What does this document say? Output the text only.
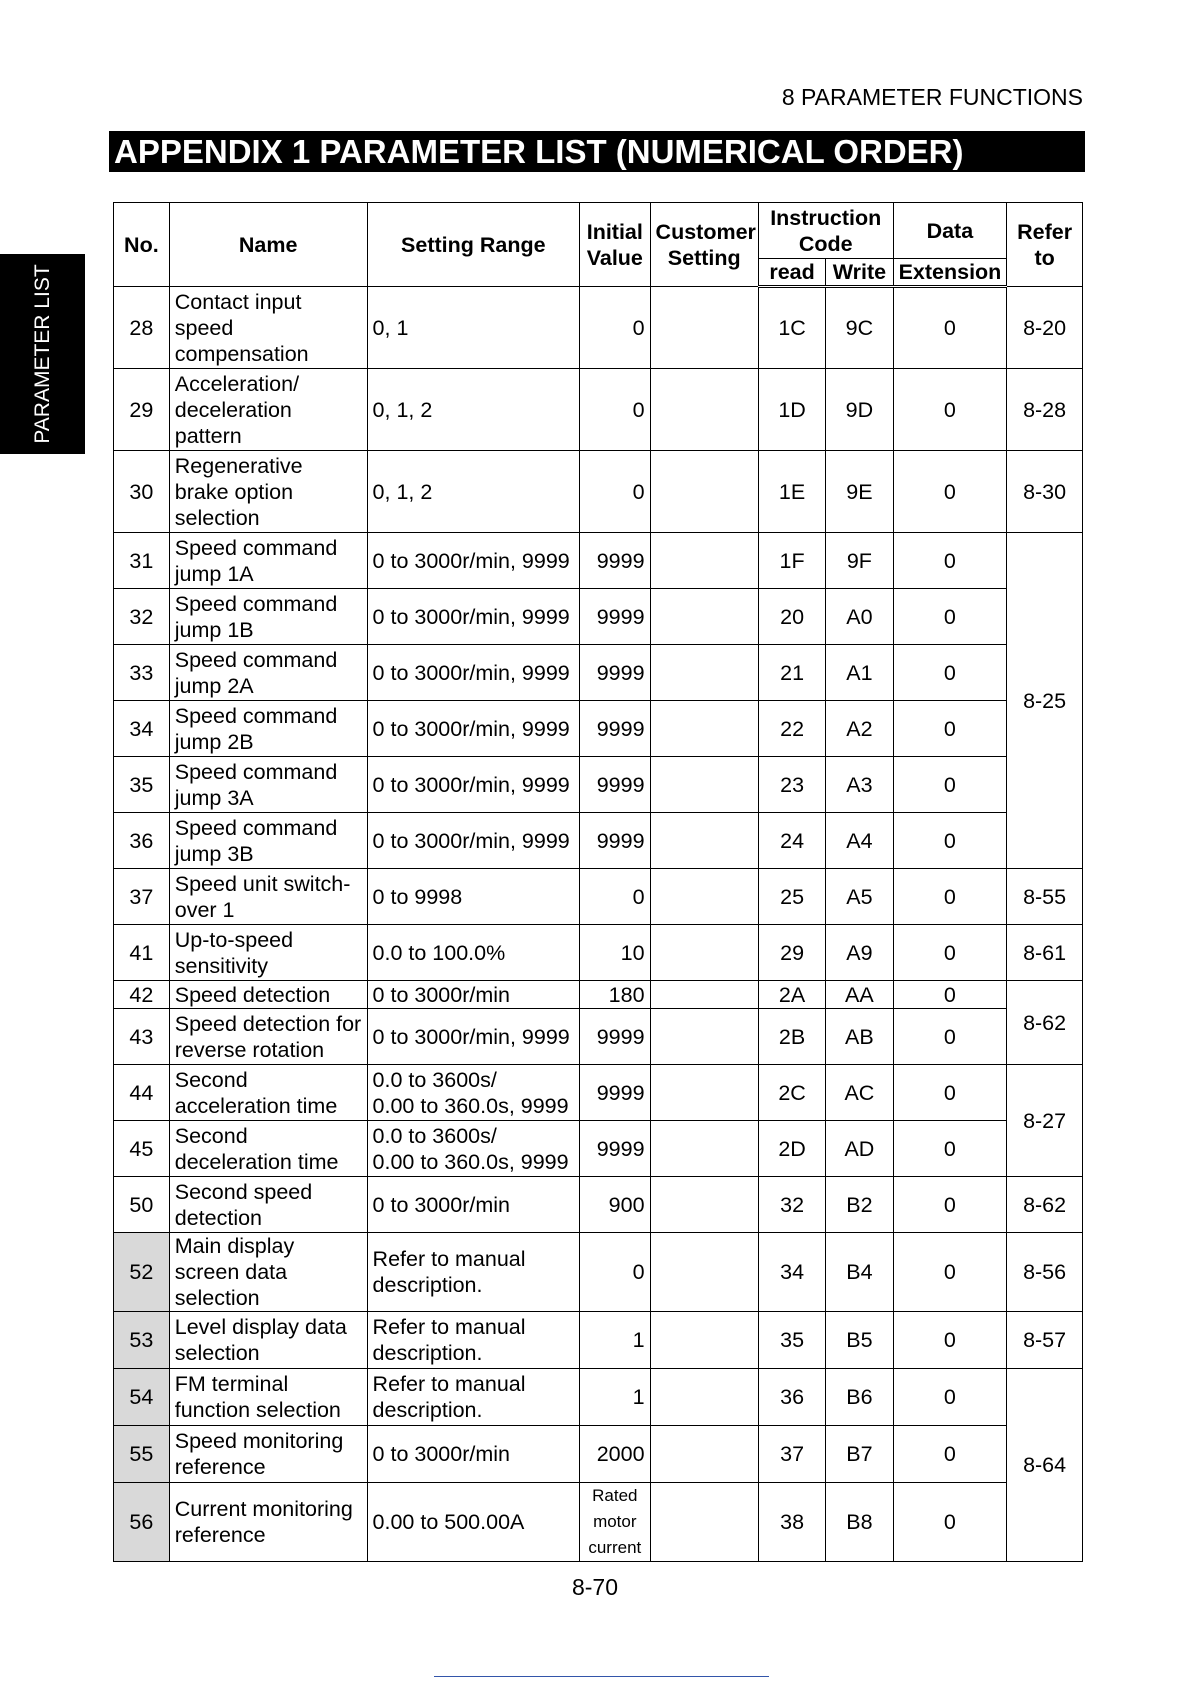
8 PARAMETER FUNCTIONS
APPENDIX 1 PARAMETER LIST (NUMERICAL ORDER)
PARAMETER LIST
No.	Name	Setting Range	Initial Value	Customer Setting	Instruction Code		Data	Refer to
					read	Write	Extension	
28	Contact input speed compensation	0, 1	0		1C	9C	0	8-20
29	Acceleration/ deceleration pattern	0, 1, 2	0		1D	9D	0	8-28
30	Regenerative brake option selection	0, 1, 2	0		1E	9E	0	8-30
31	Speed command jump 1A	0 to 3000r/min, 9999	9999		1F	9F	0	8-25
32	Speed command jump 1B	0 to 3000r/min, 9999	9999		20	A0	0	
33	Speed command jump 2A	0 to 3000r/min, 9999	9999		21	A1	0	
34	Speed command jump 2B	0 to 3000r/min, 9999	9999		22	A2	0	
35	Speed command jump 3A	0 to 3000r/min, 9999	9999		23	A3	0	
36	Speed command jump 3B	0 to 3000r/min, 9999	9999		24	A4	0	
37	Speed unit switch-over 1	0 to 9998	0		25	A5	0	8-55
41	Up-to-speed sensitivity	0.0 to 100.0%	10		29	A9	0	8-61
42	Speed detection	0 to 3000r/min	180		2A	AA	0	8-62
43	Speed detection for reverse rotation	0 to 3000r/min, 9999	9999		2B	AB	0	
44	Second acceleration time	0.0 to 3600s/
0.00 to 360.0s, 9999	9999		2C	AC	0	8-27
45	Second deceleration time	0.0 to 3600s/
0.00 to 360.0s, 9999	9999		2D	AD	0	
50	Second speed detection	0 to 3000r/min	900		32	B2	0	8-62
52	Main display screen data selection	Refer to manual description.	0		34	B4	0	8-56
53	Level display data selection	Refer to manual description.	1		35	B5	0	8-57
54	FM terminal function selection	Refer to manual description.	1		36	B6	0	8-64
55	Speed monitoring reference	0 to 3000r/min	2000		37	B7	0	
56	Current monitoring reference	0.00 to 500.00A	Rated motor current		38	B8	0	
8-70
